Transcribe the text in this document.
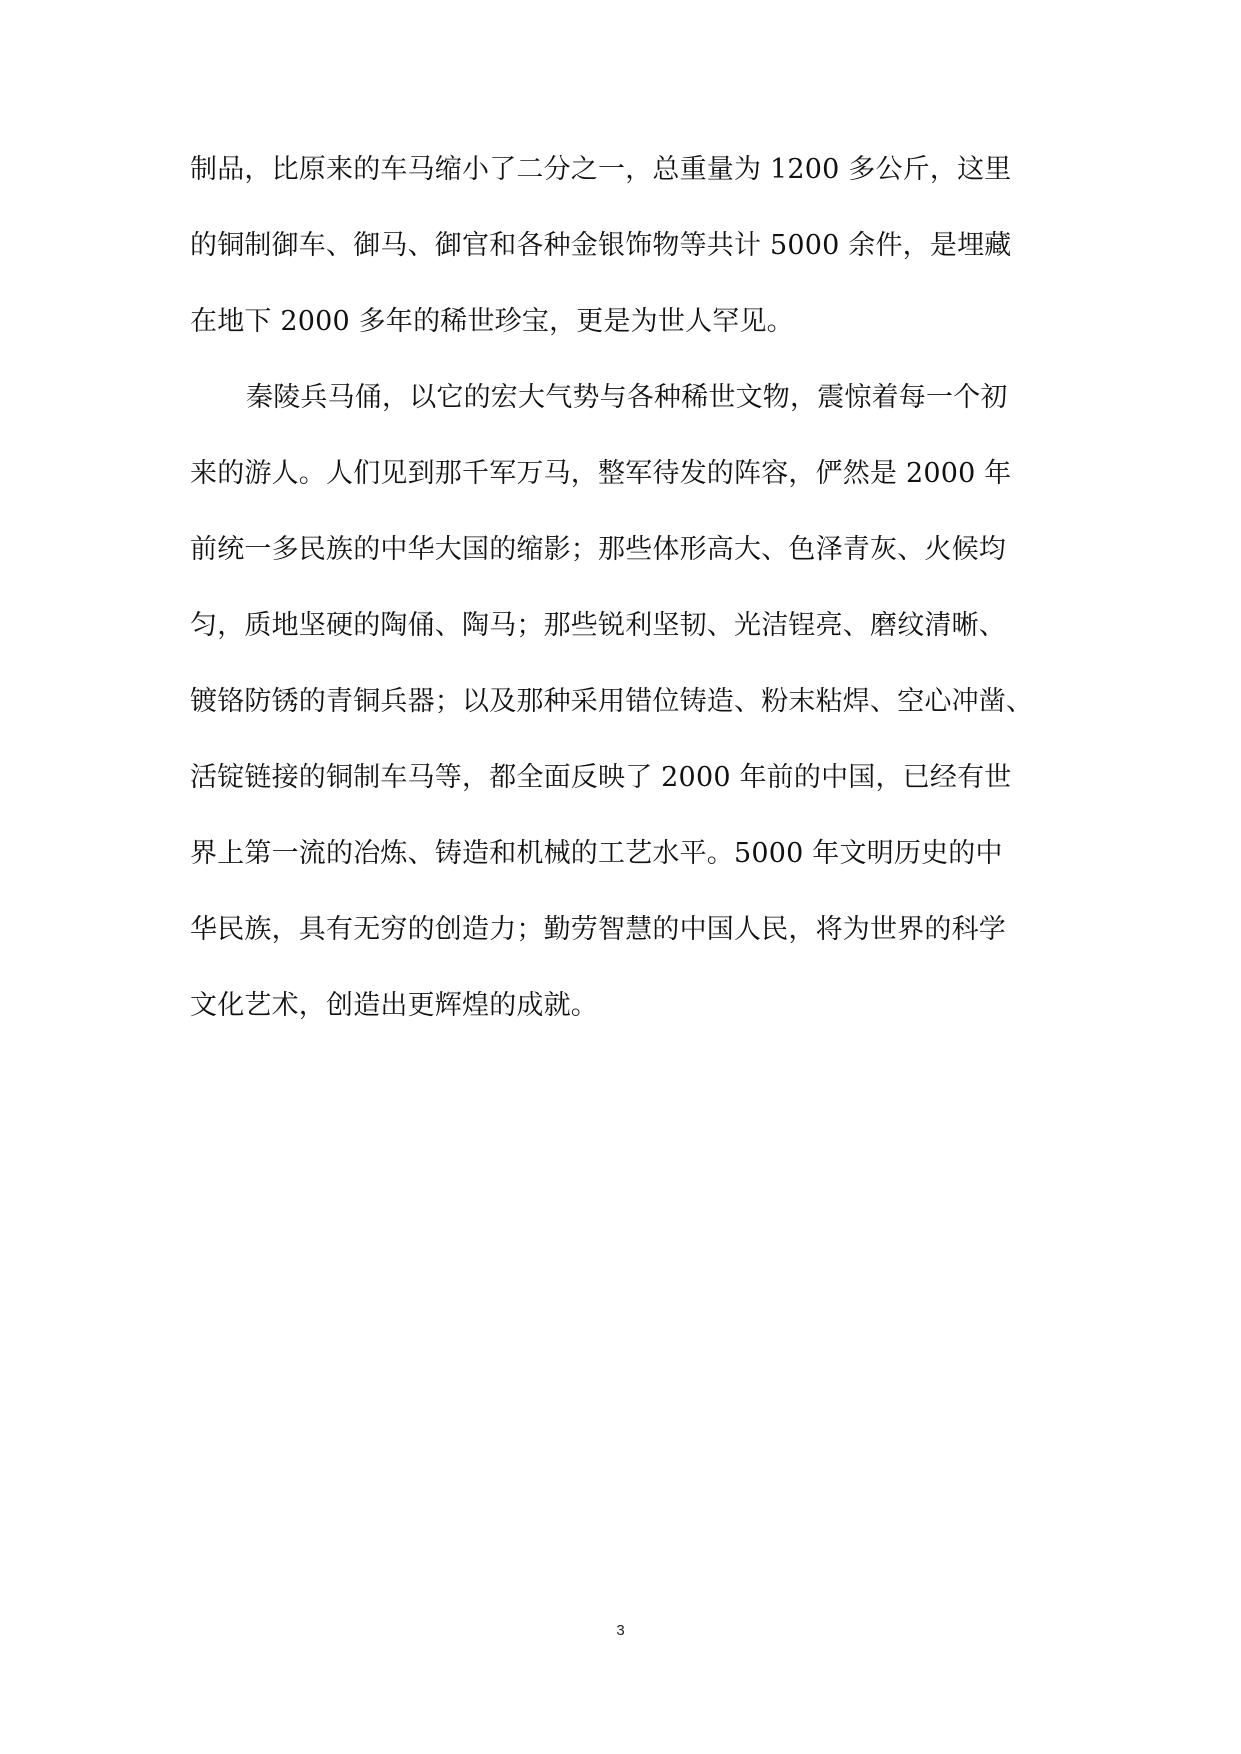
制品，比原来的车马缩小了二分之一，总重量为 1200 多公斤，这里
的铜制御车、御马、御官和各种金银饰物等共计 5000 余件，是埋藏
在地下 2000 多年的稀世珍宝，更是为世人罕见。
秦陵兵马俑，以它的宏大气势与各种稀世文物，震惊着每一个初
来的游人。人们见到那千军万马，整军待发的阵容，俨然是 2000 年
前统一多民族的中华大国的缩影；那些体形高大、色泽青灰、火候均
匀，质地坚硬的陶俑、陶马；那些锐利坚韧、光洁锃亮、磨纹清晰、
镀铬防锈的青铜兵器；以及那种采用错位铸造、粉末粘焊、空心冲凿、
活锭链接的铜制车马等，都全面反映了 2000 年前的中国，已经有世
界上第一流的冶炼、铸造和机械的工艺水平。5000 年文明历史的中
华民族，具有无穷的创造力；勤劳智慧的中国人民，将为世界的科学
文化艺术，创造出更辉煌的成就。
3
